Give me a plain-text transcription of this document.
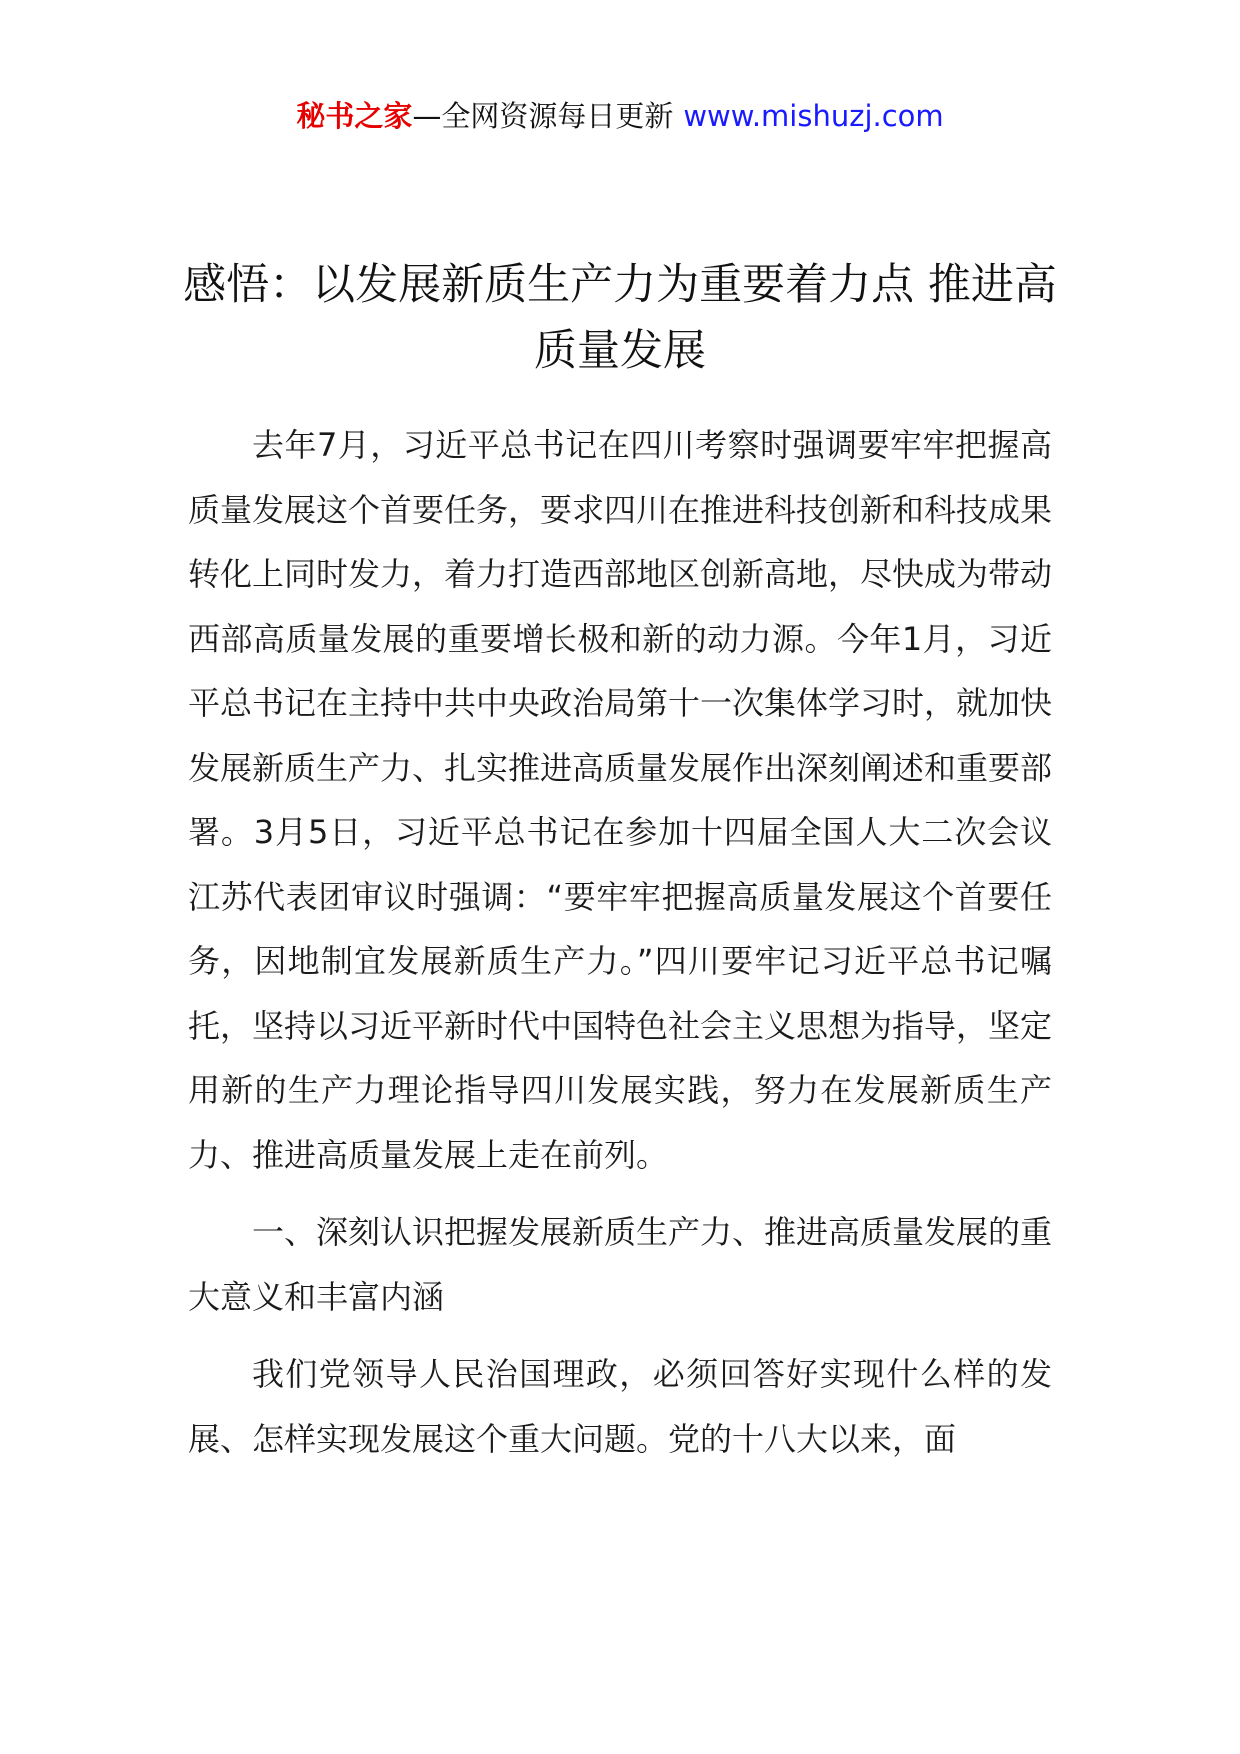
秘书之家—全网资源每日更新 www.mishuzj.com
感悟：以发展新质生产力为重要着力点 推进高质量发展

去年7月，习近平总书记在四川考察时强调要牢牢把握高质量发展这个首要任务，要求四川在推进科技创新和科技成果转化上同时发力，着力打造西部地区创新高地，尽快成为带动西部高质量发展的重要增长极和新的动力源。今年1月，习近平总书记在主持中共中央政治局第十一次集体学习时，就加快发展新质生产力、扎实推进高质量发展作出深刻阐述和重要部署。3月5日，习近平总书记在参加十四届全国人大二次会议江苏代表团审议时强调：“要牢牢把握高质量发展这个首要任务，因地制宜发展新质生产力。”四川要牢记习近平总书记嘱托，坚持以习近平新时代中国特色社会主义思想为指导，坚定用新的生产力理论指导四川发展实践，努力在发展新质生产力、推进高质量发展上走在前列。

一、深刻认识把握发展新质生产力、推进高质量发展的重大意义和丰富内涵

我们党领导人民治国理政，必须回答好实现什么样的发展、怎样实现发展这个重大问题。党的十八大以来，面
